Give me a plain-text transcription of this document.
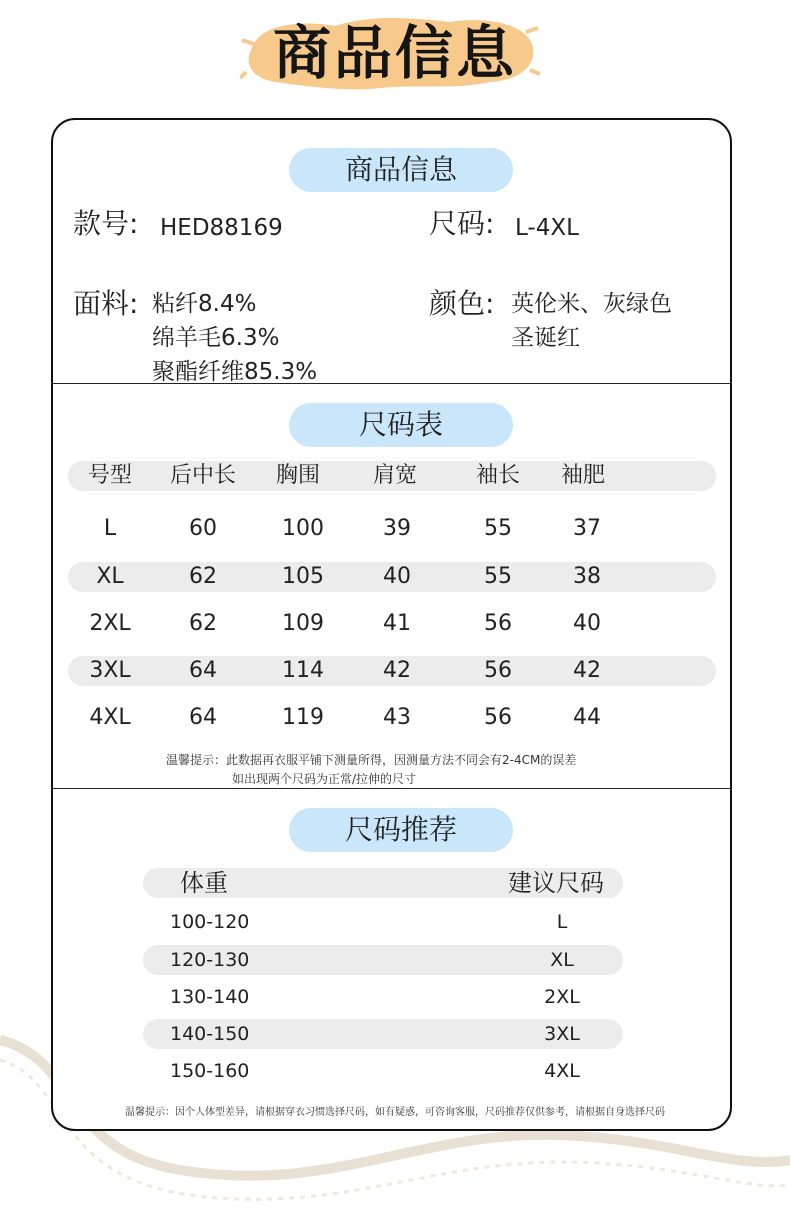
商品信息
商品信息
款号: HED88169	尺码: L-4XL
面料: 粘纤8.4%
绵羊毛6.3%
聚酯纤维85.3%
颜色: 英伦米、灰绿色
圣诞红
尺码表
号型	后中长	胸围	肩宽	袖长	袖肥
L	60	100	39	55	37
XL	62	105	40	55	38
2XL	62	109	41	56	40
3XL	64	114	42	56	42
4XL	64	119	43	56	44
温馨提示：此数据再衣服平铺下测量所得，因测量方法不同会有2-4CM的误差
如出现两个尺码为正常/拉伸的尺寸
尺码推荐
体重	建议尺码
100-120	L
120-130	XL
130-140	2XL
140-150	3XL
150-160	4XL
温馨提示：因个人体型差异，请根据穿衣习惯选择尺码，如有疑惑，可咨询客服，尺码推荐仅供参考，请根据自身选择尺码
